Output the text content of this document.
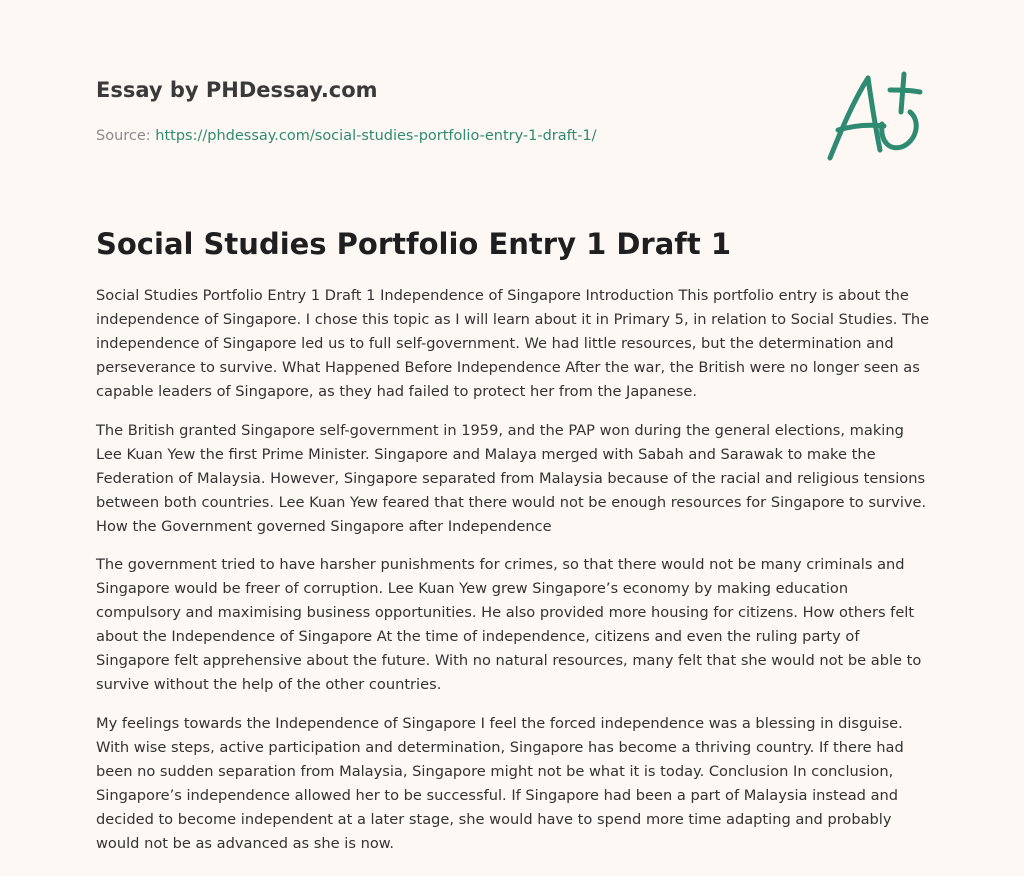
Essay by PHDessay.com
Source: https://phdessay.com/social-studies-portfolio-entry-1-draft-1/
Social Studies Portfolio Entry 1 Draft 1

Social Studies Portfolio Entry 1 Draft 1 Independence of Singapore Introduction This portfolio entry is about the independence of Singapore. I chose this topic as I will learn about it in Primary 5, in relation to Social Studies. The independence of Singapore led us to full self-government. We had little resources, but the determination and perseverance to survive. What Happened Before Independence After the war, the British were no longer seen as capable leaders of Singapore, as they had failed to protect her from the Japanese.

The British granted Singapore self-government in 1959, and the PAP won during the general elections, making Lee Kuan Yew the first Prime Minister. Singapore and Malaya merged with Sabah and Sarawak to make the Federation of Malaysia. However, Singapore separated from Malaysia because of the racial and religious tensions between both countries. Lee Kuan Yew feared that there would not be enough resources for Singapore to survive. How the Government governed Singapore after Independence

The government tried to have harsher punishments for crimes, so that there would not be many criminals and Singapore would be freer of corruption. Lee Kuan Yew grew Singapore’s economy by making education compulsory and maximising business opportunities. He also provided more housing for citizens. How others felt about the Independence of Singapore At the time of independence, citizens and even the ruling party of Singapore felt apprehensive about the future. With no natural resources, many felt that she would not be able to survive without the help of the other countries.

My feelings towards the Independence of Singapore I feel the forced independence was a blessing in disguise. With wise steps, active participation and determination, Singapore has become a thriving country. If there had been no sudden separation from Malaysia, Singapore might not be what it is today. Conclusion In conclusion, Singapore’s independence allowed her to be successful. If Singapore had been a part of Malaysia instead and decided to become independent at a later stage, she would have to spend more time adapting and probably would not be as advanced as she is now.
